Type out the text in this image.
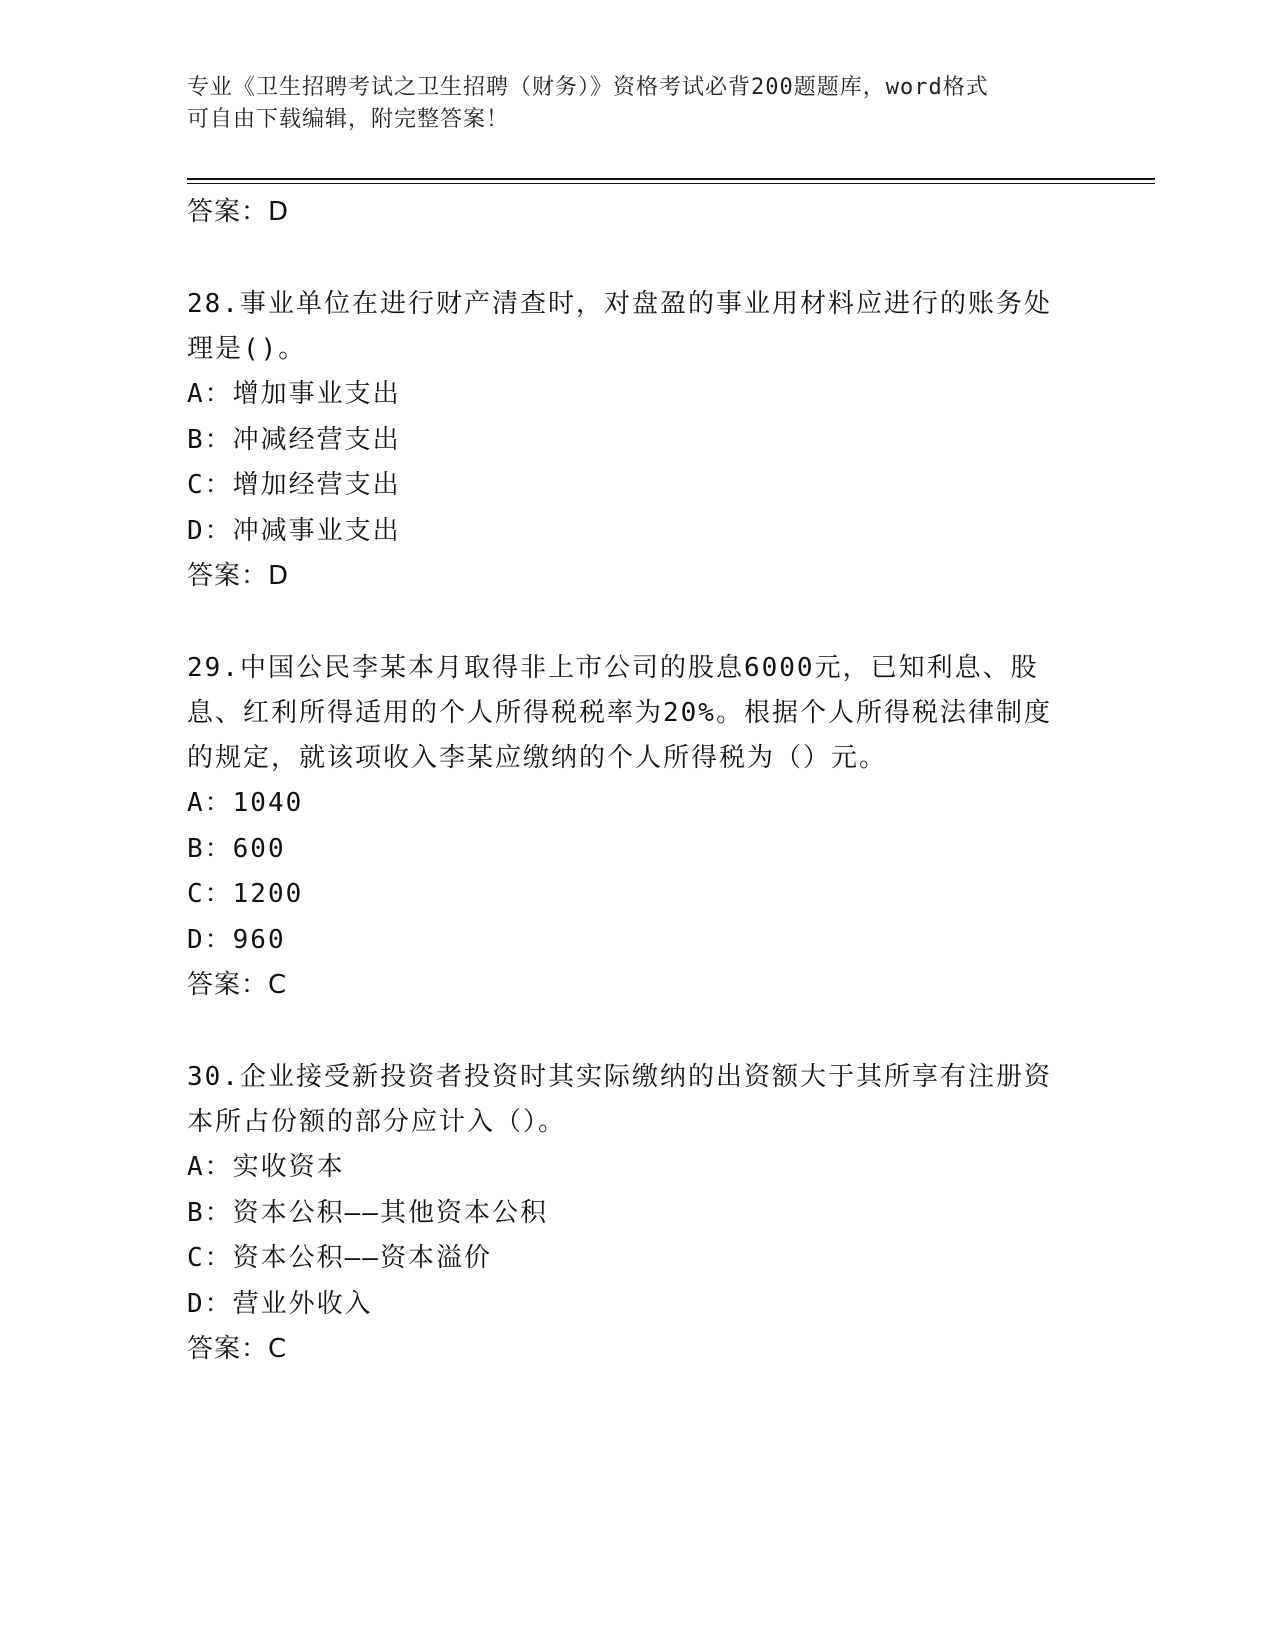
专业《卫生招聘考试之卫生招聘（财务）》资格考试必背200题题库，word格式
可自由下载编辑，附完整答案！

答案：D

28.事业单位在进行财产清查时，对盘盈的事业用材料应进行的账务处理是()。

A：增加事业支出

B：冲减经营支出

C：增加经营支出

D：冲减事业支出

答案：D

29.中国公民李某本月取得非上市公司的股息6000元，已知利息、股息、红利所得适用的个人所得税税率为20%。根据个人所得税法律制度的规定，就该项收入李某应缴纳的个人所得税为（）元。

A：1040

B：600

C：1200

D：960

答案：C

30.企业接受新投资者投资时其实际缴纳的出资额大于其所享有注册资本所占份额的部分应计入（）。

A：实收资本

B：资本公积——其他资本公积

C：资本公积——资本溢价

D：营业外收入

答案：C
